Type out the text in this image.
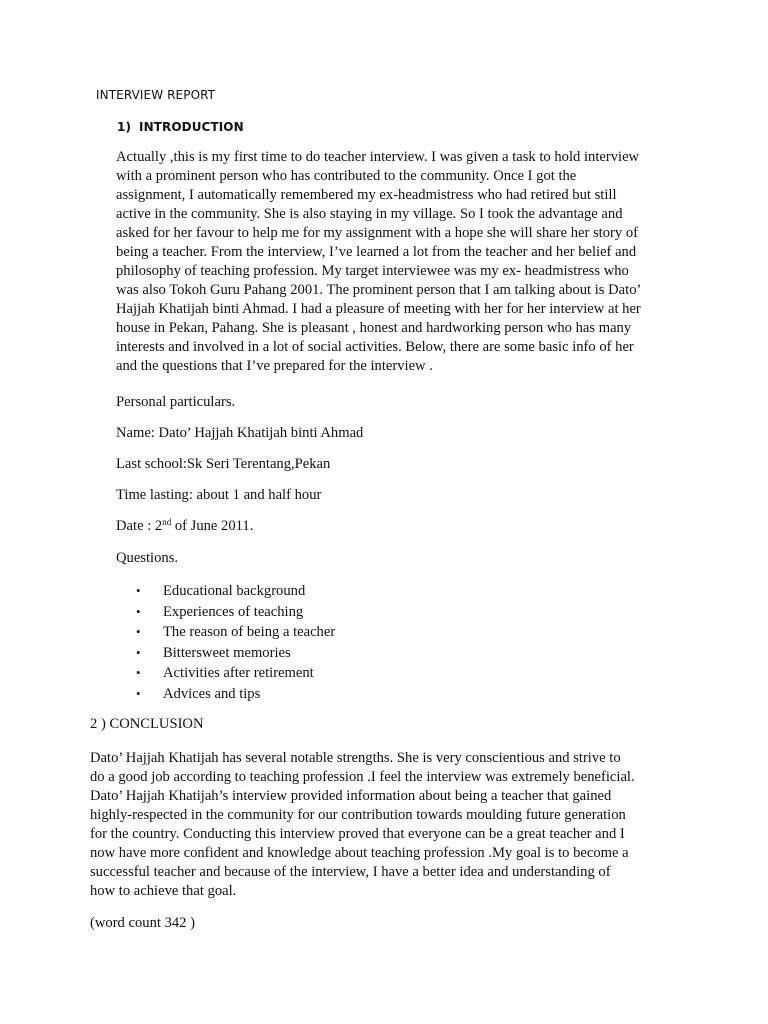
INTERVIEW REPORT
1) INTRODUCTION
Actually ,this is my first time to do teacher interview. I was given a task to hold interview
with a prominent person who has contributed to the community. Once I got the
assignment, I automatically remembered my ex-headmistress who had retired but still
active in the community. She is also staying in my village. So I took the advantage and
asked for her favour to help me for my assignment with a hope she will share her story of
being a teacher. From the interview, I’ve learned a lot from the teacher and her belief and
philosophy of teaching profession. My target interviewee was my ex- headmistress who
was also Tokoh Guru Pahang 2001. The prominent person that I am talking about is Dato’
Hajjah Khatijah binti Ahmad. I had a pleasure of meeting with her for her interview at her
house in Pekan, Pahang. She is pleasant , honest and hardworking person who has many
interests and involved in a lot of social activities. Below, there are some basic info of her
and the questions that I’ve prepared for the interview .
Personal particulars.
Name: Dato’ Hajjah Khatijah binti Ahmad
Last school:Sk Seri Terentang,Pekan
Time lasting: about 1 and half hour
Date : 2nd of June 2011.
Questions.
• Educational background
• Experiences of teaching
• The reason of being a teacher
• Bittersweet memories
• Activities after retirement
• Advices and tips
2 ) CONCLUSION
Dato’ Hajjah Khatijah has several notable strengths. She is very conscientious and strive to
do a good job according to teaching profession .I feel the interview was extremely beneficial.
Dato’ Hajjah Khatijah’s interview provided information about being a teacher that gained
highly-respected in the community for our contribution towards moulding future generation
for the country. Conducting this interview proved that everyone can be a great teacher and I
now have more confident and knowledge about teaching profession .My goal is to become a
successful teacher and because of the interview, I have a better idea and understanding of
how to achieve that goal.
(word count 342 )
